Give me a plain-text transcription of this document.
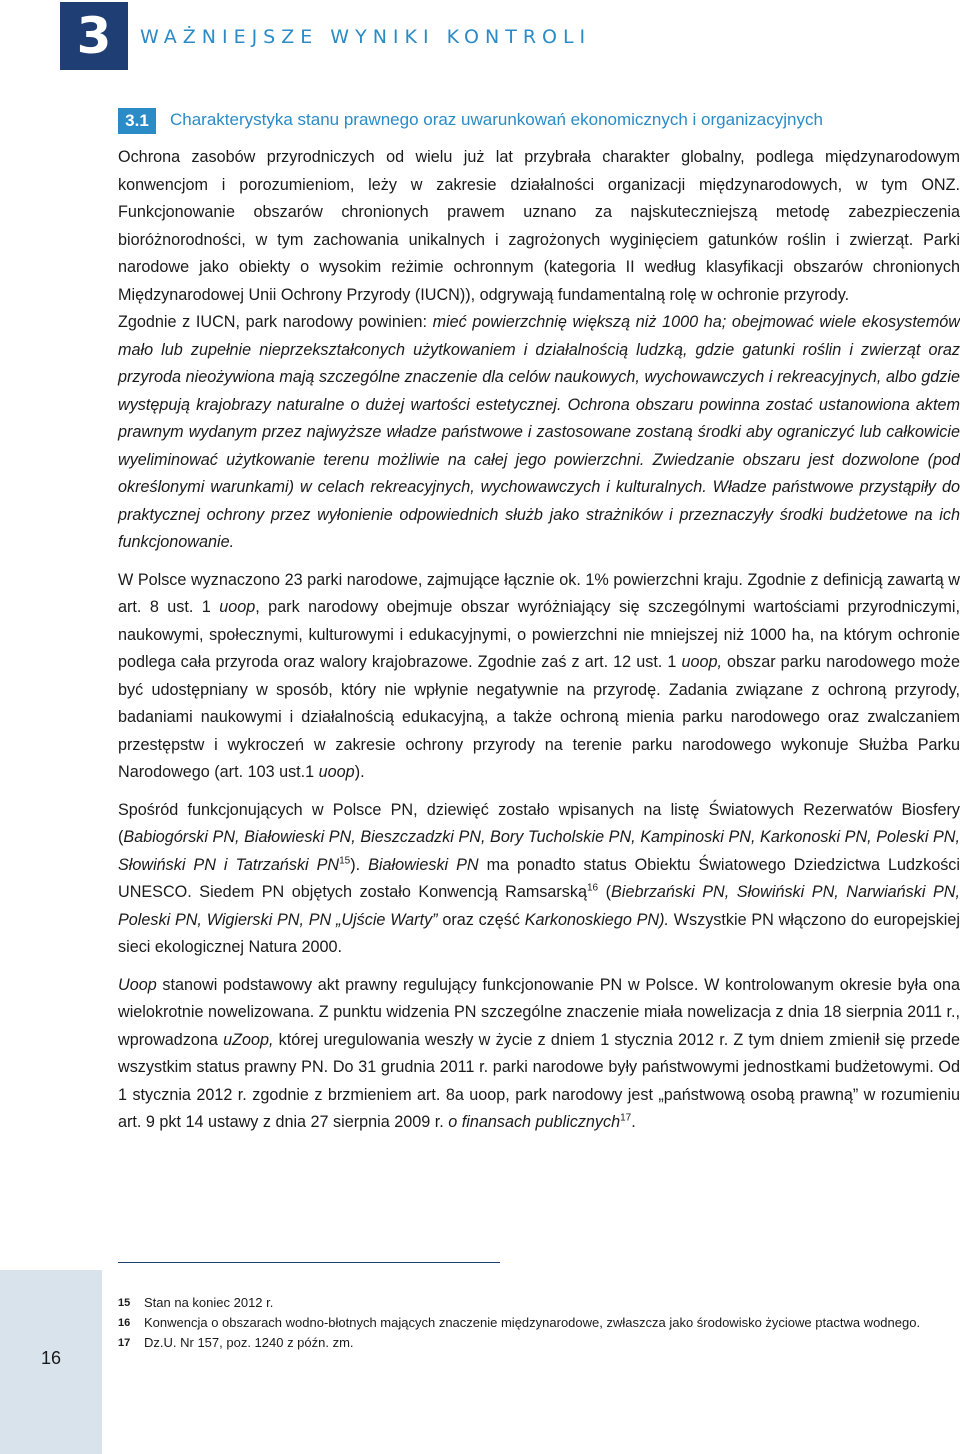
3	WAŻNIEJSZE WYNIKI KONTROLI
3.1	Charakterystyka stanu prawnego oraz uwarunkowań ekonomicznych i organizacyjnych

Ochrona zasobów przyrodniczych od wielu już lat przybrała charakter globalny, podlega międzynarodowym konwencjom i porozumieniom, leży w zakresie działalności organizacji międzynarodowych, w tym ONZ. Funkcjonowanie obszarów chronionych prawem uznano za najskuteczniejszą metodę zabezpieczenia bioróżnorodności, w tym zachowania unikalnych i zagrożonych wyginięciem gatunków roślin i zwierząt. Parki narodowe jako obiekty o wysokim reżimie ochronnym (kategoria II według klasyfikacji obszarów chronionych Międzynarodowej Unii Ochrony Przyrody (IUCN)), odgrywają fundamentalną rolę w ochronie przyrody.

Zgodnie z IUCN, park narodowy powinien: mieć powierzchnię większą niż 1000 ha; obejmować wiele ekosystemów mało lub zupełnie nieprzekształconych użytkowaniem i działalnością ludzką, gdzie gatunki roślin i zwierząt oraz przyroda nieożywiona mają szczególne znaczenie dla celów naukowych, wychowawczych i rekreacyjnych, albo gdzie występują krajobrazy naturalne o dużej wartości estetycznej. Ochrona obszaru powinna zostać ustanowiona aktem prawnym wydanym przez najwyższe władze państwowe i zastosowane zostaną środki aby ograniczyć lub całkowicie wyeliminować użytkowanie terenu możliwie na całej jego powierzchni. Zwiedzanie obszaru jest dozwolone (pod określonymi warunkami) w celach rekreacyjnych, wychowawczych i kulturalnych. Władze państwowe przystąpiły do praktycznej ochrony przez wyłonienie odpowiednich służb jako strażników i przeznaczyły środki budżetowe na ich funkcjonowanie.

W Polsce wyznaczono 23 parki narodowe, zajmujące łącznie ok. 1% powierzchni kraju. Zgodnie z definicją zawartą w art. 8 ust. 1 uoop, park narodowy obejmuje obszar wyróżniający się szczególnymi wartościami przyrodniczymi, naukowymi, społecznymi, kulturowymi i edukacyjnymi, o powierzchni nie mniejszej niż 1000 ha, na którym ochronie podlega cała przyroda oraz walory krajobrazowe. Zgodnie zaś z art. 12 ust. 1 uoop, obszar parku narodowego może być udostępniany w sposób, który nie wpłynie negatywnie na przyrodę. Zadania związane z ochroną przyrody, badaniami naukowymi i działalnością edukacyjną, a także ochroną mienia parku narodowego oraz zwalczaniem przestępstw i wykroczeń w zakresie ochrony przyrody na terenie parku narodowego wykonuje Służba Parku Narodowego (art. 103 ust.1 uoop).

Spośród funkcjonujących w Polsce PN, dziewięć zostało wpisanych na listę Światowych Rezerwatów Biosfery (Babiogórski PN, Białowieski PN, Bieszczadzki PN, Bory Tucholskie PN, Kampinoski PN, Karkonoski PN, Poleski PN, Słowiński PN i Tatrzański PN$^{15}$). Białowieski PN ma ponadto status Obiektu Światowego Dziedzictwa Ludzkości UNESCO. Siedem PN objętych zostało Konwencją Ramsarską$^{16}$ (Biebrzański PN, Słowiński PN, Narwiański PN, Poleski PN, Wigierski PN, PN „Ujście Warty” oraz część Karkonoskiego PN). Wszystkie PN włączono do europejskiej sieci ekologicznej Natura 2000.

Uoop stanowi podstawowy akt prawny regulujący funkcjonowanie PN w Polsce. W kontrolowanym okresie była ona wielokrotnie nowelizowana. Z punktu widzenia PN szczególne znaczenie miała nowelizacja z dnia 18 sierpnia 2011 r., wprowadzona uZoop, której uregulowania weszły w życie z dniem 1 stycznia 2012 r. Z tym dniem zmienił się przede wszystkim status prawny PN. Do 31 grudnia 2011 r. parki narodowe były państwowymi jednostkami budżetowymi. Od 1 stycznia 2012 r. zgodnie z brzmieniem art. 8a uoop, park narodowy jest „państwową osobą prawną” w rozumieniu art. 9 pkt 14 ustawy z dnia 27 sierpnia 2009 r. o finansach publicznych$^{17}$.

15	Stan na koniec 2012 r.
16	Konwencja o obszarach wodno-błotnych mających znaczenie międzynarodowe, zwłaszcza jako środowisko życiowe ptactwa wodnego.
17	Dz.U. Nr 157, poz. 1240 z późn. zm.
16
